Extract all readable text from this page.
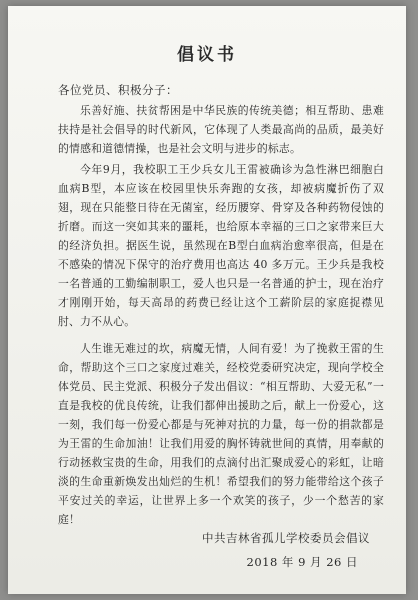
倡议书
各位党员、积极分子：

乐善好施、扶贫帮困是中华民族的传统美德；相互帮助、患难扶持是社会倡导的时代新风，它体现了人类最高尚的品质，最美好的情感和道德情操，也是社会文明与进步的标志。

今年9月，我校职工王少兵女儿王雷被确诊为急性淋巴细胞白血病B型，本应该在校园里快乐奔跑的女孩，却被病魔折伤了双翅，现在只能整日待在无菌室，经历腰穿、骨穿及各种药物侵蚀的折磨。而这一突如其来的噩耗，也给原本幸福的三口之家带来巨大的经济负担。据医生说，虽然现在B型白血病治愈率很高，但是在不感染的情况下保守的治疗费用也高达 40 多万元。王少兵是我校一名普通的工勤编制职工，爱人也只是一名普通的护士，现在治疗才刚刚开始，每天高昂的药费已经让这个工薪阶层的家庭捉襟见肘、力不从心。

人生谁无难过的坎，病魔无情，人间有爱！为了挽救王雷的生命，帮助这个三口之家度过难关，经校党委研究决定，现向学校全体党员、民主党派、积极分子发出倡议：“相互帮助、大爱无私”一直是我校的优良传统，让我们都伸出援助之后，献上一份爱心，这一刻，我们每一份爱心都是与死神对抗的力量，每一份的捐款都是为王雷的生命加油！让我们用爱的胸怀铸就世间的真情，用奉献的行动拯救宝贵的生命，用我们的点滴付出汇聚成爱心的彩虹，让暗淡的生命重新焕发出灿烂的生机！希望我们的努力能带给这个孩子平安过关的幸运，让世界上多一个欢笑的孩子，少一个愁苦的家庭！

中共吉林省孤儿学校委员会倡议
2018 年 9 月 26 日
